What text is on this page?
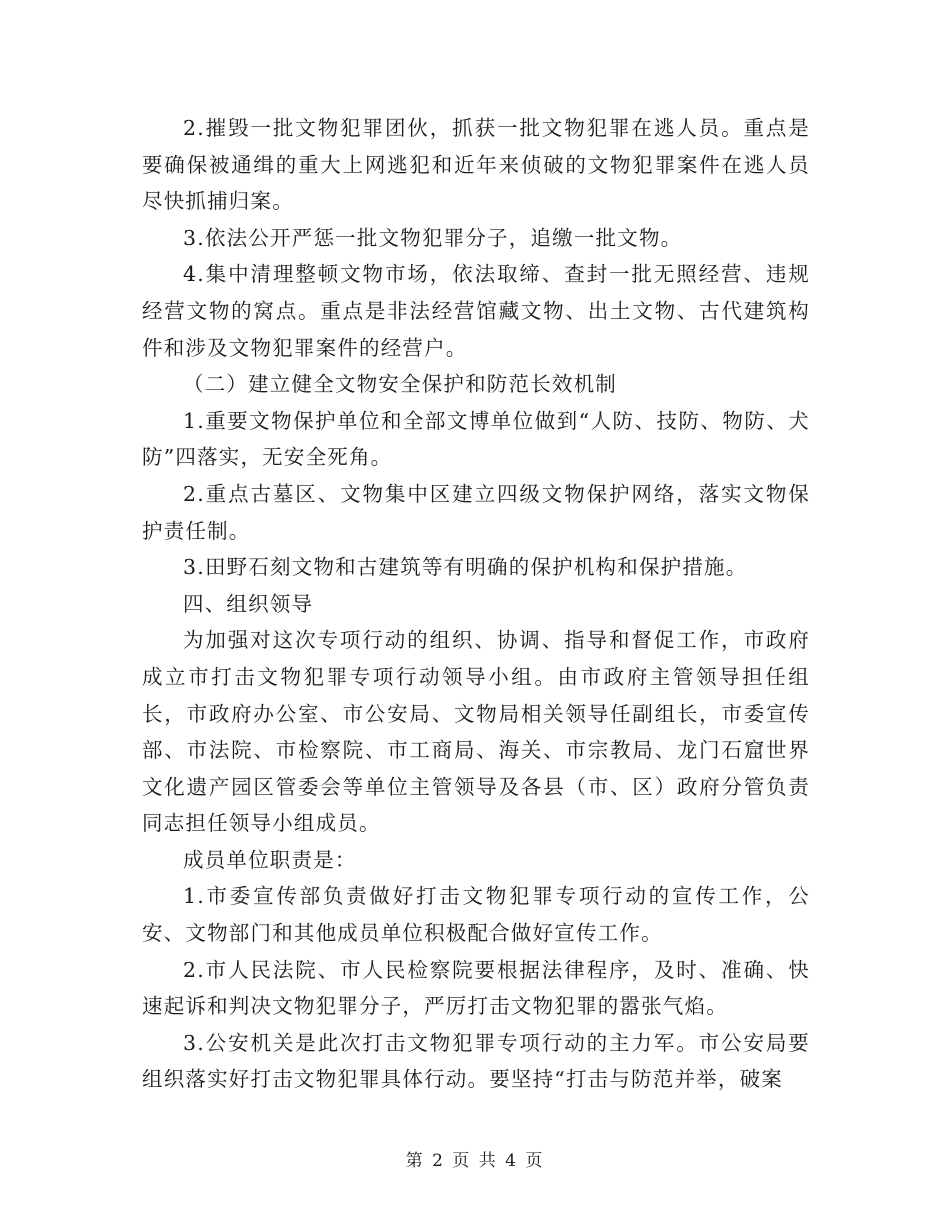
2.摧毁一批文物犯罪团伙，抓获一批文物犯罪在逃人员。重点是要确保被通缉的重大上网逃犯和近年来侦破的文物犯罪案件在逃人员尽快抓捕归案。

3.依法公开严惩一批文物犯罪分子，追缴一批文物。

4.集中清理整顿文物市场，依法取缔、查封一批无照经营、违规经营文物的窝点。重点是非法经营馆藏文物、出土文物、古代建筑构件和涉及文物犯罪案件的经营户。

（二）建立健全文物安全保护和防范长效机制

1.重要文物保护单位和全部文博单位做到“人防、技防、物防、犬防”四落实，无安全死角。

2.重点古墓区、文物集中区建立四级文物保护网络，落实文物保护责任制。

3.田野石刻文物和古建筑等有明确的保护机构和保护措施。

四、组织领导

为加强对这次专项行动的组织、协调、指导和督促工作，市政府成立市打击文物犯罪专项行动领导小组。由市政府主管领导担任组长，市政府办公室、市公安局、文物局相关领导任副组长，市委宣传部、市法院、市检察院、市工商局、海关、市宗教局、龙门石窟世界文化遗产园区管委会等单位主管领导及各县（市、区）政府分管负责同志担任领导小组成员。

成员单位职责是：

1.市委宣传部负责做好打击文物犯罪专项行动的宣传工作，公安、文物部门和其他成员单位积极配合做好宣传工作。

2.市人民法院、市人民检察院要根据法律程序，及时、准确、快速起诉和判决文物犯罪分子，严厉打击文物犯罪的嚣张气焰。

3.公安机关是此次打击文物犯罪专项行动的主力军。市公安局要组织落实好打击文物犯罪具体行动。要坚持“打击与防范并举，破案

第 2 页 共 4 页
